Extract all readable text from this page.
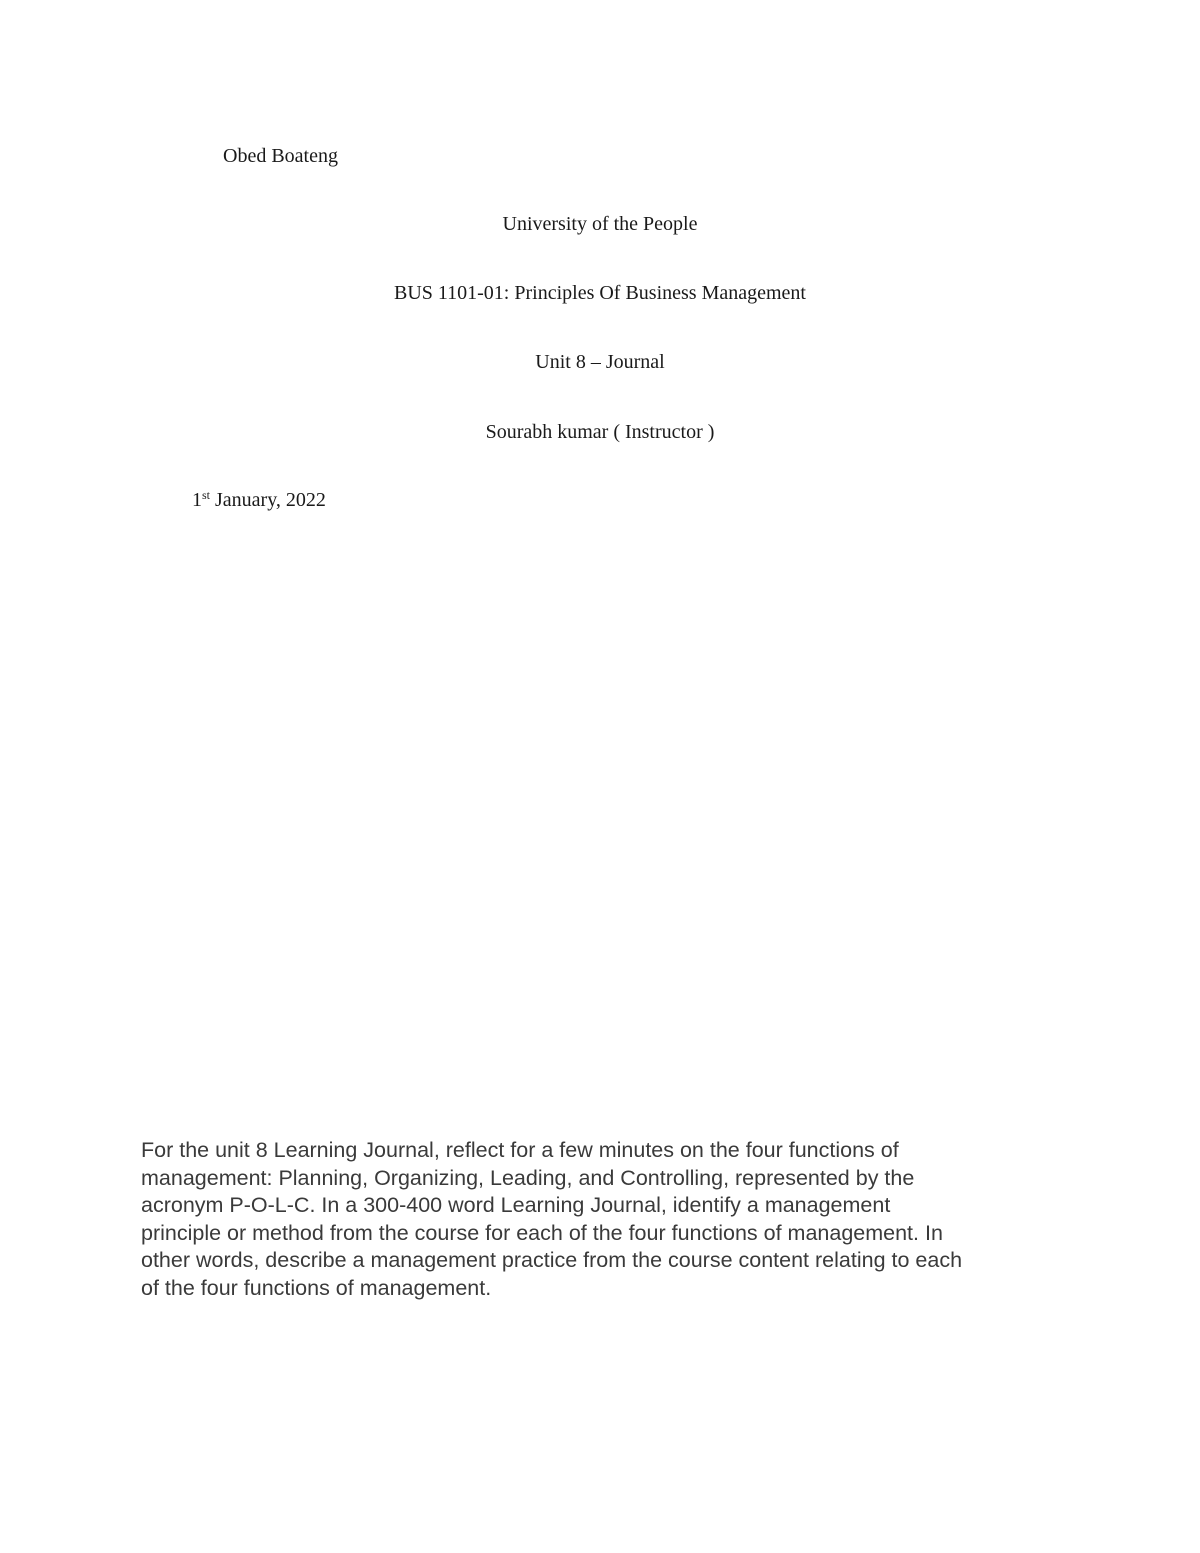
Obed Boateng
University of the People
BUS 1101-01: Principles Of Business Management
Unit 8 – Journal
Sourabh kumar ( Instructor )
1st January, 2022

For the unit 8 Learning Journal, reflect for a few minutes on the four functions of

management: Planning, Organizing, Leading, and Controlling, represented by the

acronym P-O-L-C. In a 300-400 word Learning Journal, identify a management

principle or method from the course for each of the four functions of management. In

other words, describe a management practice from the course content relating to each

of the four functions of management.
